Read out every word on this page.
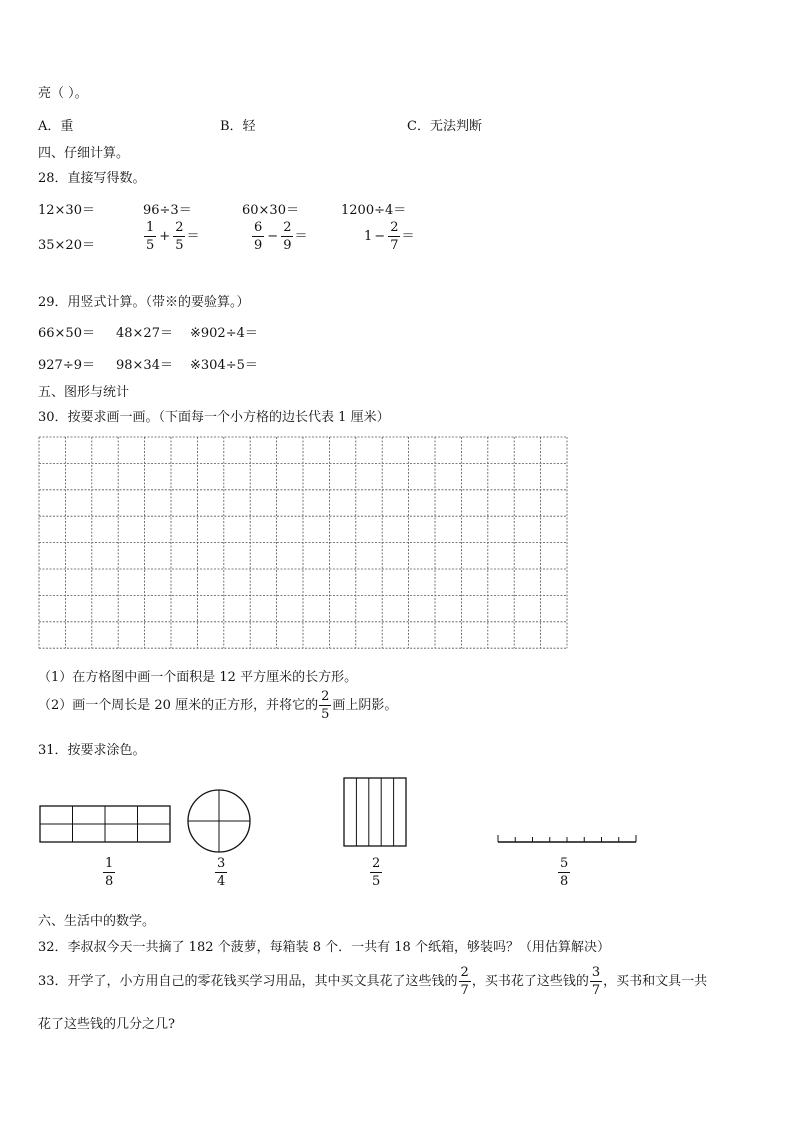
亮（ ）。
A．重	B．轻	C．无法判断
四、仔细计算。
28．直接写得数。
12×30＝	96÷3＝	60×30＝	1200÷4＝
35×20＝	$\frac{1}{5} + \frac{2}{5}$ ＝	$\frac{6}{9} - \frac{2}{9}$ ＝	$1 - \frac{2}{7}$ ＝
29．用竖式计算。（带※的要验算。）
66×50＝ 48×27＝ ※902÷4＝
927÷9＝ 98×34＝ ※304÷5＝
五、图形与统计
30．按要求画一画。（下面每一个小方格的边长代表 1 厘米）
（1）在方格图中画一个面积是 12 平方厘米的长方形。
（2）画一个周长是 20 厘米的正方形，并将它的 $\frac{2}{5}$ 画上阴影。
31．按要求涂色。
$\frac{1}{8}$	$\frac{3}{4}$	$\frac{2}{5}$	$\frac{5}{8}$
六、生活中的数学。
32．李叔叔今天一共摘了 182 个菠萝，每箱装 8 个．一共有 18 个纸箱，够装吗？（用估算解决）
33．开学了，小方用自己的零花钱买学习用品，其中买文具花了这些钱的 $\frac{2}{7}$ ，买书花了这些钱的 $\frac{3}{7}$ ，买书和文具一共
花了这些钱的几分之几?
